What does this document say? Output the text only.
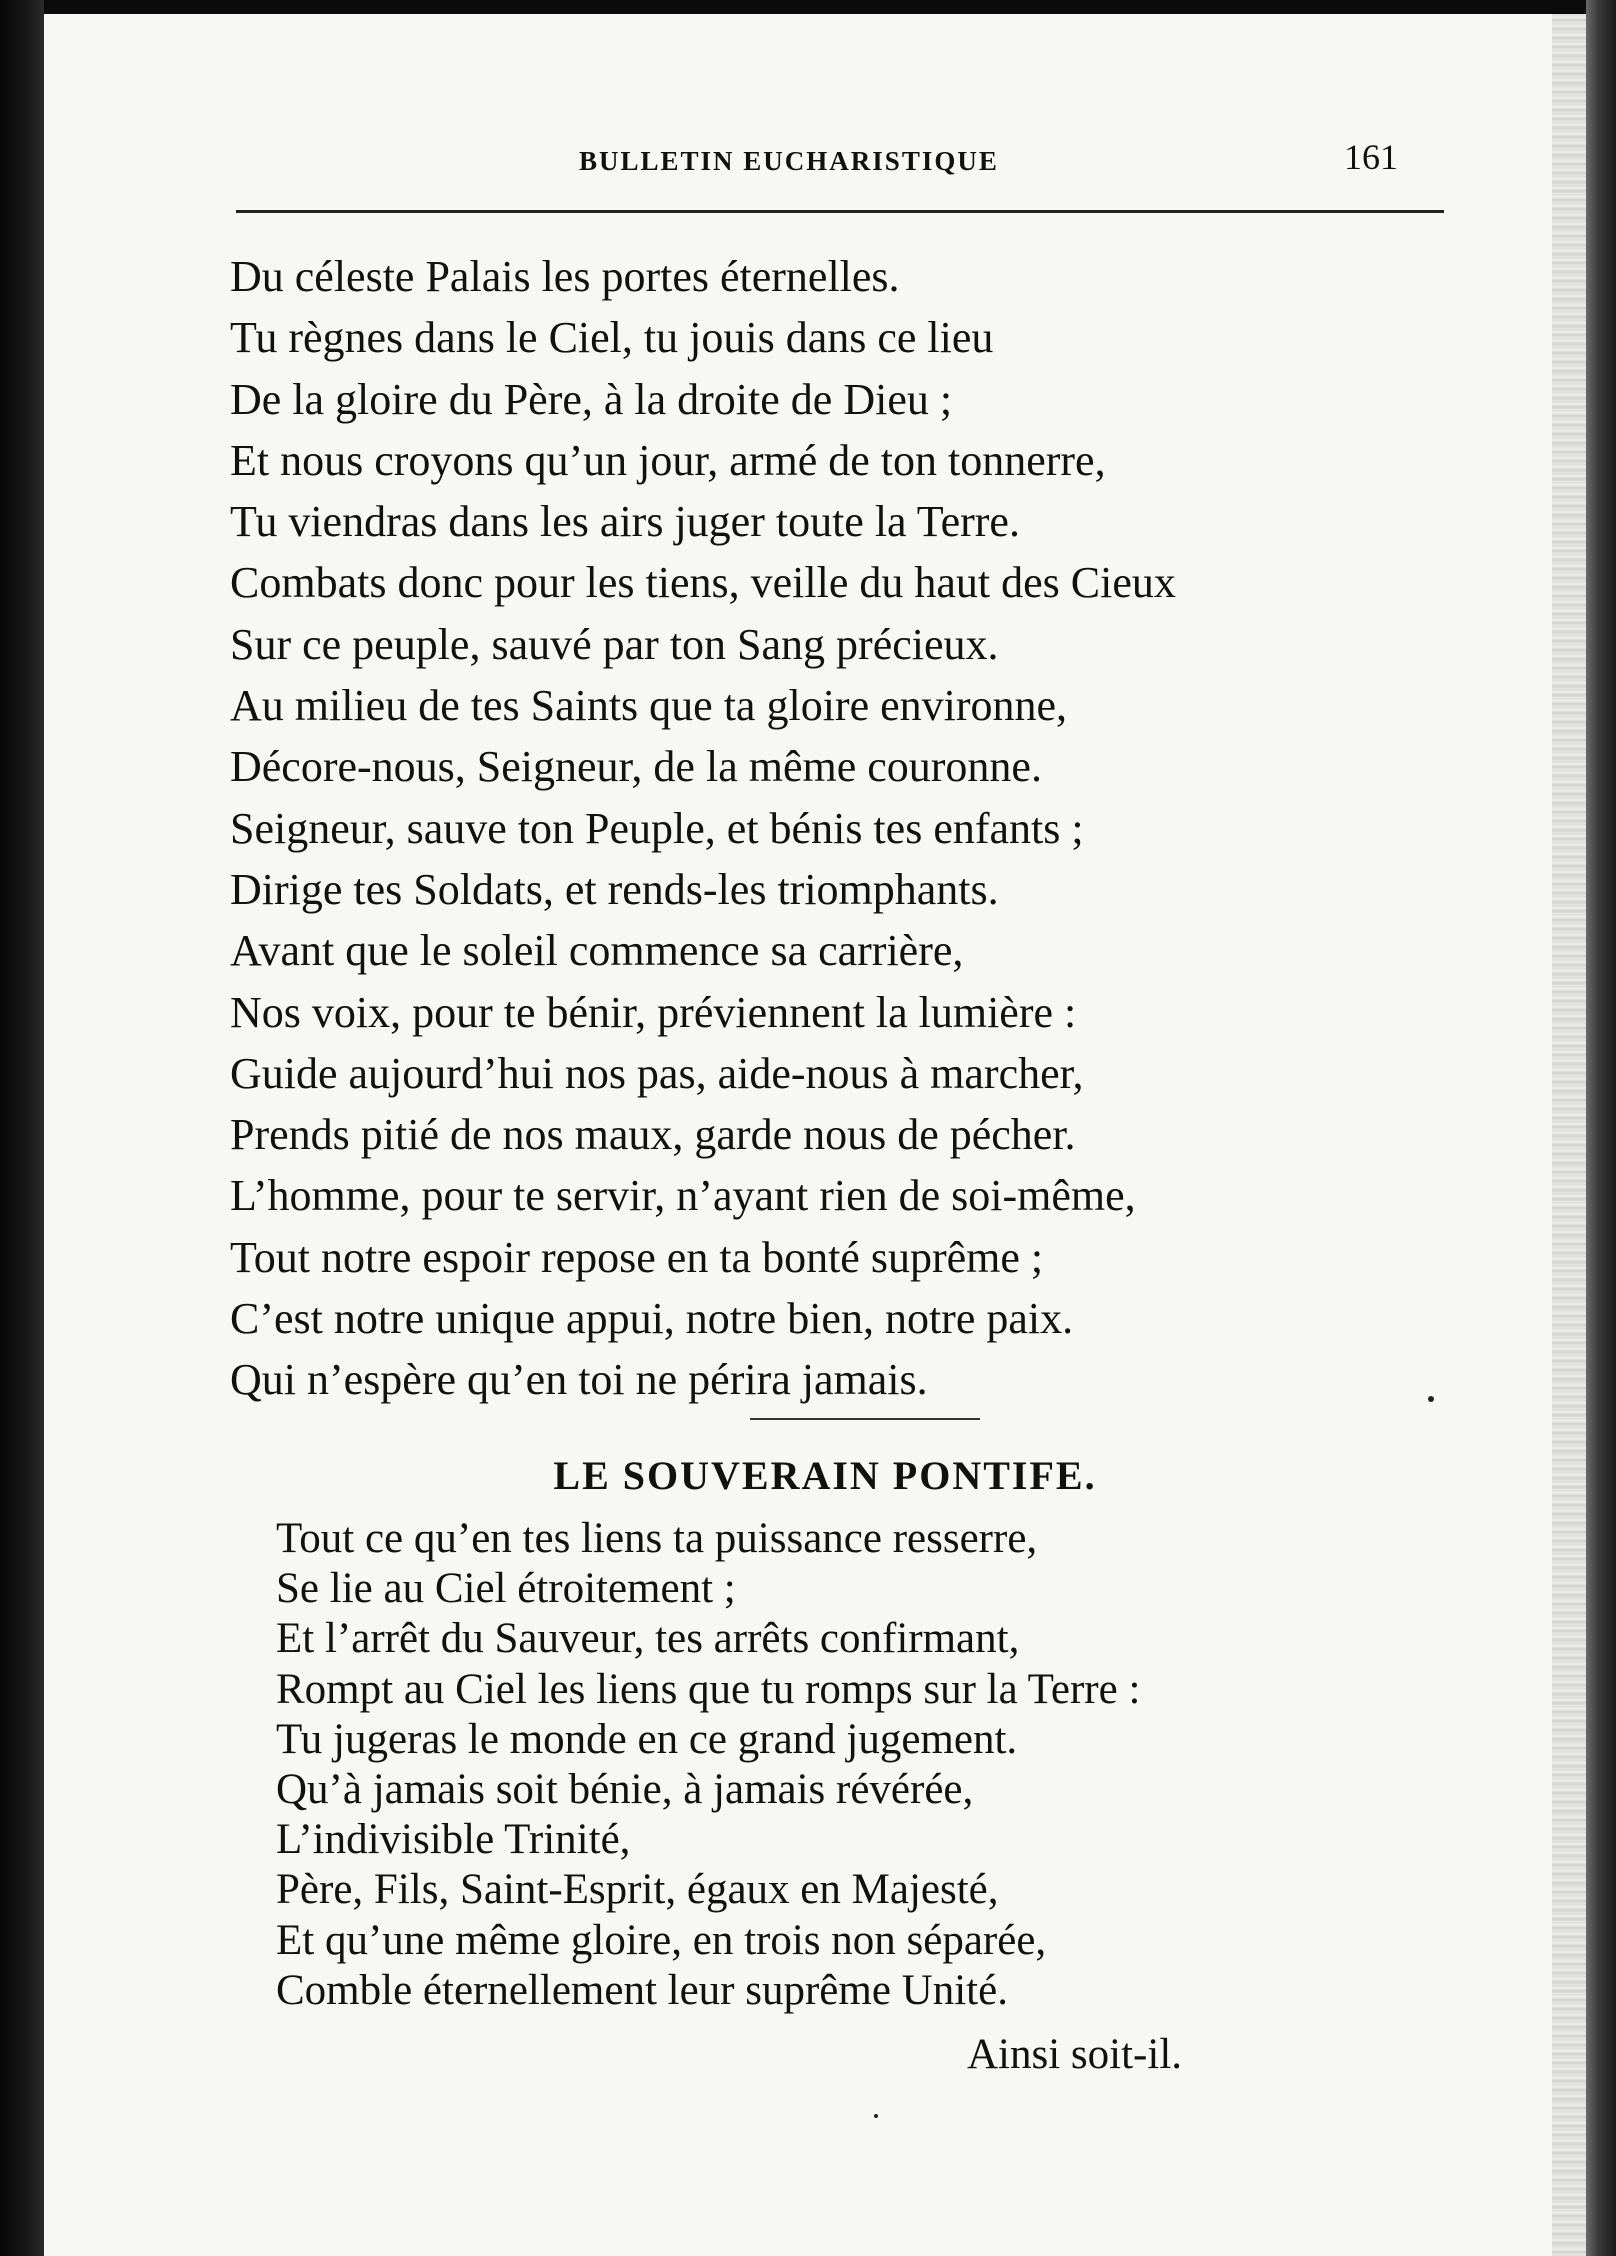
BULLETIN EUCHARISTIQUE	161
Du céleste Palais les portes éternelles.
Tu règnes dans le Ciel, tu jouis dans ce lieu
De la gloire du Père, à la droite de Dieu ;
Et nous croyons qu’un jour, armé de ton tonnerre,
Tu viendras dans les airs juger toute la Terre.
Combats donc pour les tiens, veille du haut des Cieux
Sur ce peuple, sauvé par ton Sang précieux.
Au milieu de tes Saints que ta gloire environne,
Décore-nous, Seigneur, de la même couronne.
Seigneur, sauve ton Peuple, et bénis tes enfants ;
Dirige tes Soldats, et rends-les triomphants.
Avant que le soleil commence sa carrière,
Nos voix, pour te bénir, préviennent la lumière :
Guide aujourd’hui nos pas, aide-nous à marcher,
Prends pitié de nos maux, garde nous de pécher.
L’homme, pour te servir, n’ayant rien de soi-même,
Tout notre espoir repose en ta bonté suprême ;
C’est notre unique appui, notre bien, notre paix.
Qui n’espère qu’en toi ne périra jamais.
LE SOUVERAIN PONTIFE.
Tout ce qu’en tes liens ta puissance resserre,
Se lie au Ciel étroitement ;
Et l’arrêt du Sauveur, tes arrêts confirmant,
Rompt au Ciel les liens que tu romps sur la Terre :
Tu jugeras le monde en ce grand jugement.
Qu’à jamais soit bénie, à jamais révérée,
L’indivisible Trinité,
Père, Fils, Saint-Esprit, égaux en Majesté,
Et qu’une même gloire, en trois non séparée,
Comble éternellement leur suprême Unité.
Ainsi soit-il.
